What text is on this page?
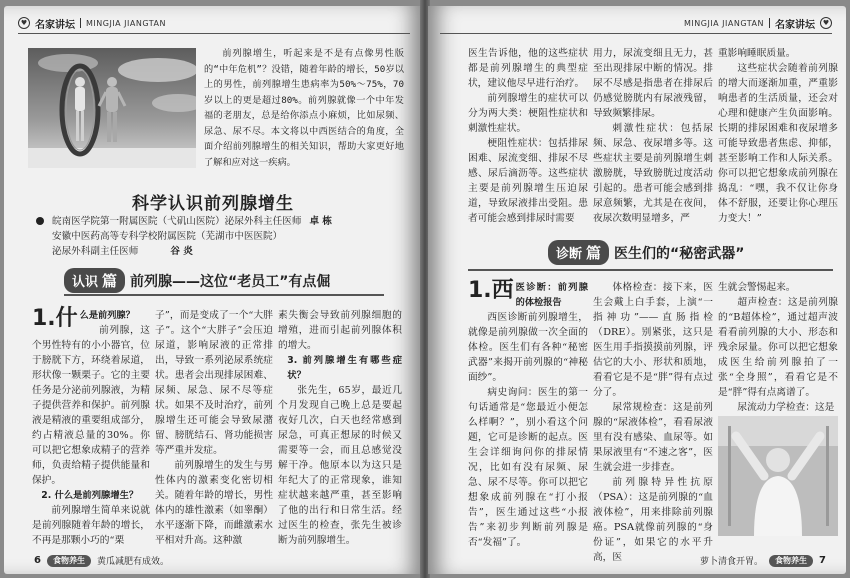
♥ 名家讲坛 MINGJIA JIANGTAN

前列腺增生，听起来是不是有点像男性版的“中年危机”？没错，随着年龄的增长，50岁以上的男性，前列腺增生患病率为50%～75%，70岁以上的更是超过80%。前列腺就像一个中年发福的老朋友，总是给你添点小麻烦，比如尿频、尿急、尿不尽。本文将以中西医结合的角度，全面介绍前列腺增生的相关知识，帮助大家更好地了解和应对这一疾病。

科学认识前列腺增生
皖南医学院第一附属医院（弋矶山医院）泌尿外科主任医师 卓 栋
安徽中医药高等专科学校附属医院（芜湖市中医医院）
泌尿外科副主任医师	谷 炎
认识 篇 前列腺——这位“老员工”有点倔
1.什 么是前列腺？

前列腺，这个男性特有的小小器官，位于膀胱下方，环绕着尿道，形状像一颗栗子。它的主要任务是分泌前列腺液，为精子提供营养和保护。前列腺液是精液的重要组成部分，约占精液总量的30%。你可以把它想象成精子的营养师，负责给精子提供能量和保护。

2. 什么是前列腺增生？

前列腺增生简单来说就是前列腺随着年龄的增长，不再是那颗小巧的“栗

子”，而是变成了一个“大胖子”。这个“大胖子”会压迫尿道，影响尿液的正常排出，导致一系列泌尿系统症状。患者会出现排尿困难、尿频、尿急、尿不尽等症状。如果不及时治疗，前列腺增生还可能会导致尿潴留、膀胱结石、肾功能损害等严重并发症。

前列腺增生的发生与男性体内的激素变化密切相关。随着年龄的增长，男性体内的雄性激素（如睾酮）水平逐渐下降，而雌激素水平相对升高。这种激

素失衡会导致前列腺细胞的增殖，进而引起前列腺体积的增大。

3. 前列腺增生有哪些症状？

张先生，65岁，最近几个月发现自己晚上总是要起夜好几次，白天也经常感到尿急，可真正想尿的时候又需要等一会，而且总感觉没解干净。他原本以为这只是年纪大了的正常现象，谁知症状越来越严重，甚至影响了他的出行和日常生活。经过医生的检查，张先生被诊断为前列腺增生。

6	食物养生	黄瓜减肥有成效。
MINGJIA JIANGTAN 名家讲坛	♥

医生告诉他，他的这些症状都是前列腺增生的典型症状，建议他尽早进行治疗。

前列腺增生的症状可以分为两大类：梗阻性症状和刺激性症状。

梗阻性症状：包括排尿困难、尿流变细、排尿不尽感、尿后滴沥等。这些症状主要是前列腺增生压迫尿道，导致尿液排出受阻。患者可能会感到排尿时需要

用力，尿流变细且无力，甚至出现排尿中断的情况。排尿不尽感是指患者在排尿后仍感觉膀胱内有尿液残留，导致频繁排尿。

刺激性症状：包括尿频、尿急、夜尿增多等。这些症状主要是前列腺增生刺激膀胱，导致膀胱过度活动引起的。患者可能会感到排尿意频繁，尤其是在夜间，夜尿次数明显增多，严

重影响睡眠质量。

这些症状会随着前列腺的增大而逐渐加重，严重影响患者的生活质量，还会对心理和健康产生负面影响。长期的排尿困难和夜尿增多可能导致患者焦虑、抑郁，甚至影响工作和人际关系。你可以把它想象成前列腺在捣乱：“嘿，我不仅让你身体不舒服，还要让你心理压力变大！”

诊断 篇 医生们的“秘密武器”
1.西 医诊断：前列腺的体检报告

西医诊断前列腺增生，就像是前列腺做一次全面的体检。医生们有各种“秘密武器”来揭开前列腺的“神秘面纱”。

病史询问：医生的第一句话通常是“您最近小便怎么样啊？”，别小看这个问题，它可是诊断的起点。医生会详细询问你的排尿情况，比如有没有尿频、尿急、尿不尽等。你可以把它想象成前列腺在“打小报告”，医生通过这些“小报告”来初步判断前列腺是否“发福”了。

体格检查：接下来，医生会戴上白手套，上演“一指神功”——直肠指检（DRE）。别紧张，这只是医生用手指摸摸前列腺，评估它的大小、形状和质地，看看它是不是“胖”得有点过分了。

尿常规检查：这是前列腺的“尿液体检”，看看尿液里有没有感染、血尿等。如果尿液里有“不速之客”，医生就会进一步排查。

前列腺特异性抗原（PSA）：这是前列腺的“血液体检”，用来排除前列腺癌。PSA就像前列腺的“身份证”，如果它的水平升高，医

生就会警惕起来。

超声检查：这是前列腺的“B超体检”，通过超声波看看前列腺的大小、形态和残余尿量。你可以把它想象成医生给前列腺拍了一张“全身照”，看看它是不是“胖”得有点离谱了。

尿流动力学检查：这是

萝卜清食开胃。	食物养生	7
